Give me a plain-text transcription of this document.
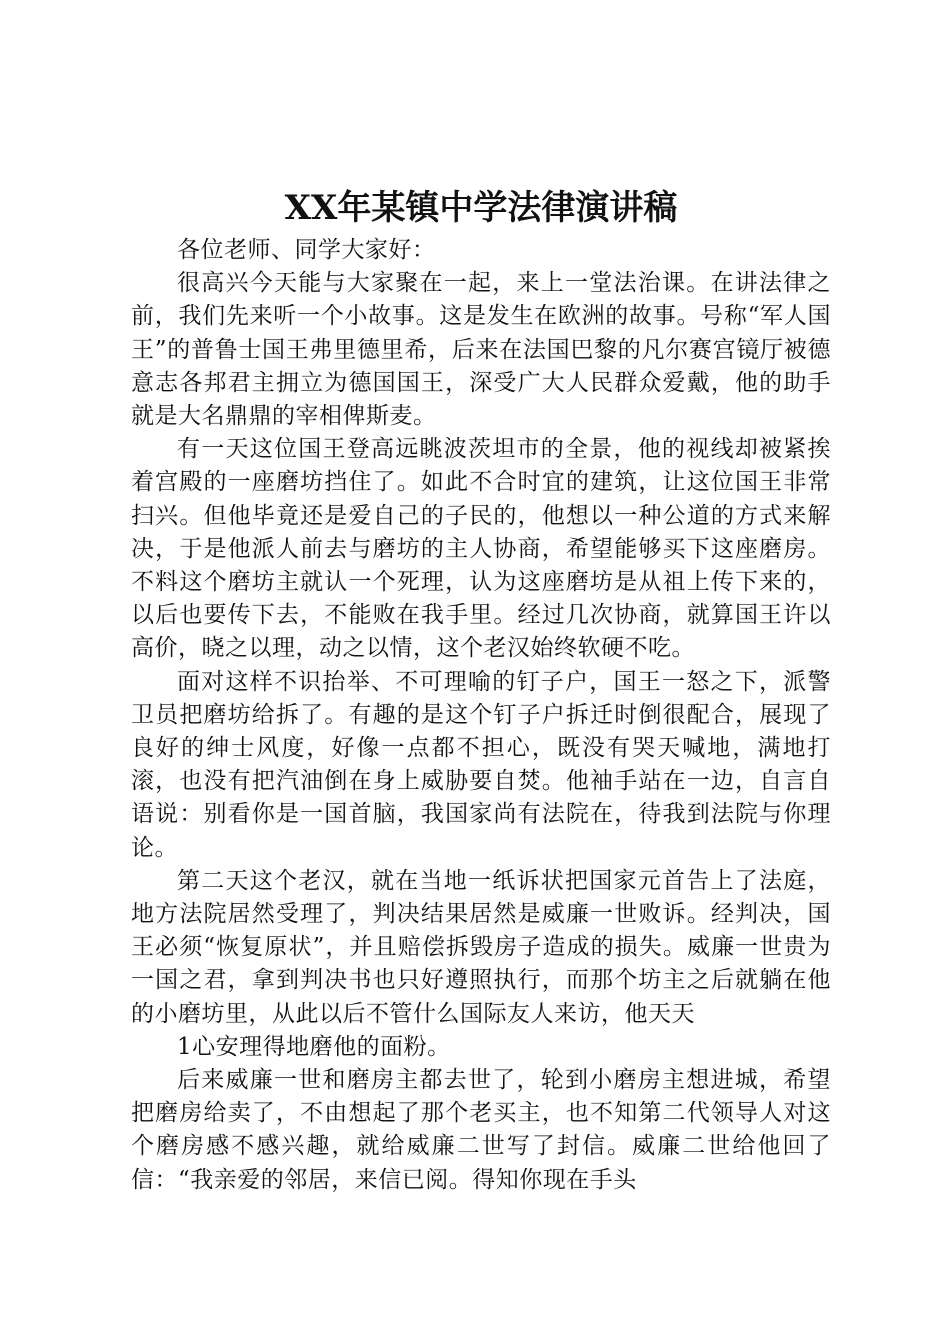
XX年某镇中学法律演讲稿

各位老师、同学大家好：

很高兴今天能与大家聚在一起，来上一堂法治课。在讲法律之前，我们先来听一个小故事。这是发生在欧洲的故事。号称“军人国王”的普鲁士国王弗里德里希，后来在法国巴黎的凡尔赛宫镜厅被德意志各邦君主拥立为德国国王，深受广大人民群众爱戴，他的助手就是大名鼎鼎的宰相俾斯麦。

有一天这位国王登高远眺波茨坦市的全景，他的视线却被紧挨着宫殿的一座磨坊挡住了。如此不合时宜的建筑，让这位国王非常扫兴。但他毕竟还是爱自己的子民的，他想以一种公道的方式来解决，于是他派人前去与磨坊的主人协商，希望能够买下这座磨房。不料这个磨坊主就认一个死理，认为这座磨坊是从祖上传下来的，以后也要传下去，不能败在我手里。经过几次协商，就算国王许以高价，晓之以理，动之以情，这个老汉始终软硬不吃。

面对这样不识抬举、不可理喻的钉子户，国王一怒之下，派警卫员把磨坊给拆了。有趣的是这个钉子户拆迁时倒很配合，展现了良好的绅士风度，好像一点都不担心，既没有哭天喊地，满地打滚，也没有把汽油倒在身上威胁要自焚。他袖手站在一边，自言自语说：别看你是一国首脑，我国家尚有法院在，待我到法院与你理论。

第二天这个老汉，就在当地一纸诉状把国家元首告上了法庭，地方法院居然受理了，判决结果居然是威廉一世败诉。经判决，国王必须“恢复原状”，并且赔偿拆毁房子造成的损失。威廉一世贵为一国之君，拿到判决书也只好遵照执行，而那个坊主之后就躺在他的小磨坊里，从此以后不管什么国际友人来访，他天天

1心安理得地磨他的面粉。

后来威廉一世和磨房主都去世了，轮到小磨房主想进城，希望把磨房给卖了，不由想起了那个老买主，也不知第二代领导人对这个磨房感不感兴趣，就给威廉二世写了封信。威廉二世给他回了信：“我亲爱的邻居，来信已阅。得知你现在手头
